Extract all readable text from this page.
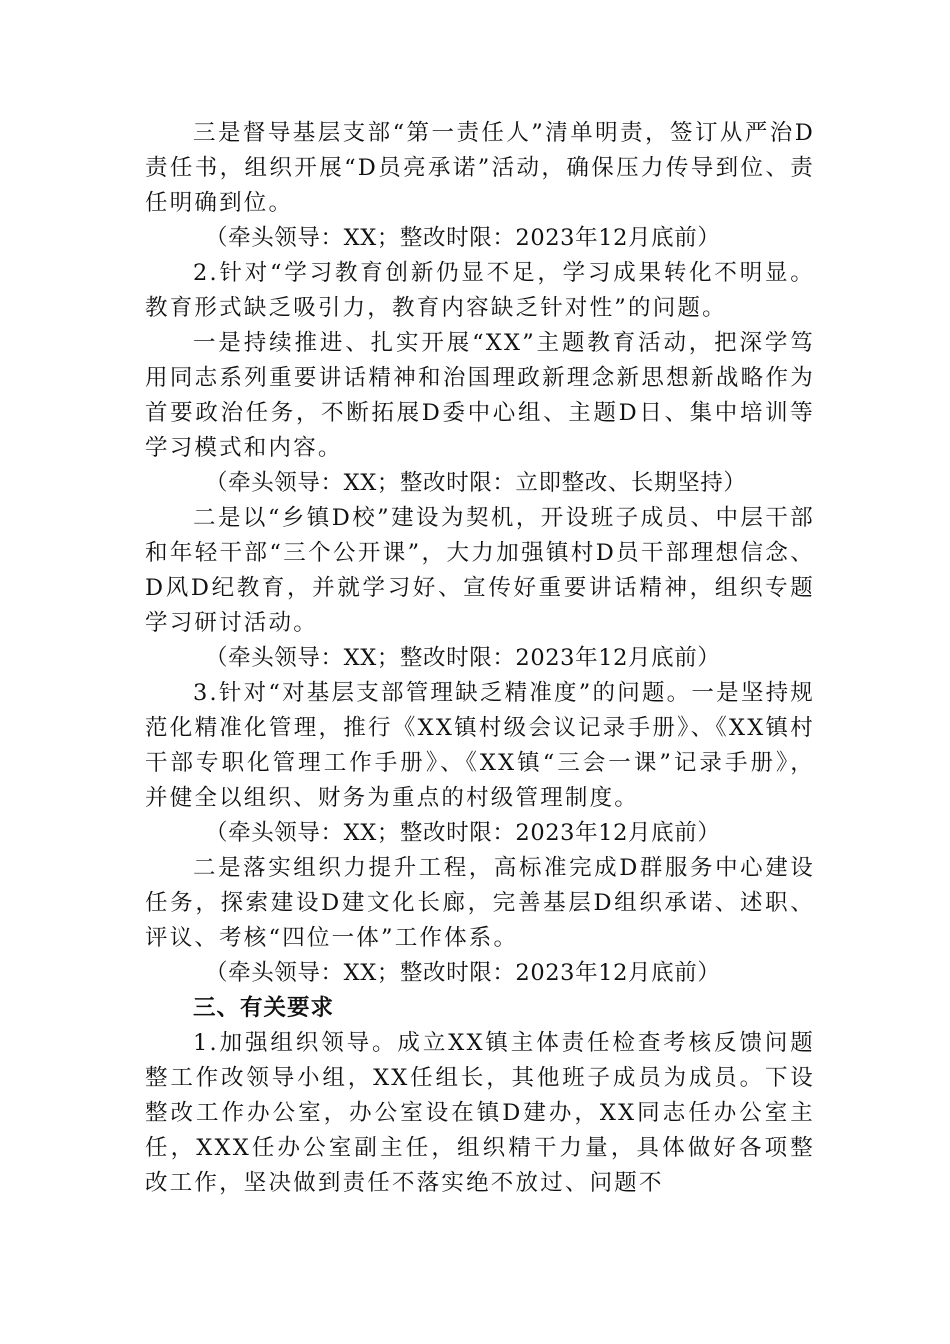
三是督导基层支部“第一责任人”清单明责，签订从严治D责任书，组织开展“D员亮承诺”活动，确保压力传导到位、责任明确到位。

（牵头领导：XX；整改时限：2023年12月底前）

2.针对“学习教育创新仍显不足，学习成果转化不明显。教育形式缺乏吸引力，教育内容缺乏针对性”的问题。

一是持续推进、扎实开展“XX”主题教育活动，把深学笃用同志系列重要讲话精神和治国理政新理念新思想新战略作为首要政治任务，不断拓展D委中心组、主题D日、集中培训等学习模式和内容。

（牵头领导：XX；整改时限：立即整改、长期坚持）

二是以“乡镇D校”建设为契机，开设班子成员、中层干部和年轻干部“三个公开课”，大力加强镇村D员干部理想信念、D风D纪教育，并就学习好、宣传好重要讲话精神，组织专题学习研讨活动。

（牵头领导：XX；整改时限：2023年12月底前）

3.针对“对基层支部管理缺乏精准度”的问题。一是坚持规范化精准化管理，推行《XX镇村级会议记录手册》、《XX镇村干部专职化管理工作手册》、《XX镇“三会一课”记录手册》，并健全以组织、财务为重点的村级管理制度。

（牵头领导：XX；整改时限：2023年12月底前）

二是落实组织力提升工程，高标准完成D群服务中心建设任务，探索建设D建文化长廊，完善基层D组织承诺、述职、评议、考核“四位一体”工作体系。

（牵头领导：XX；整改时限：2023年12月底前）

三、有关要求

1.加强组织领导。成立XX镇主体责任检查考核反馈问题整工作改领导小组，XX任组长，其他班子成员为成员。下设整改工作办公室，办公室设在镇D建办，XX同志任办公室主任，XXX任办公室副主任，组织精干力量，具体做好各项整改工作，坚决做到责任不落实绝不放过、问题不
